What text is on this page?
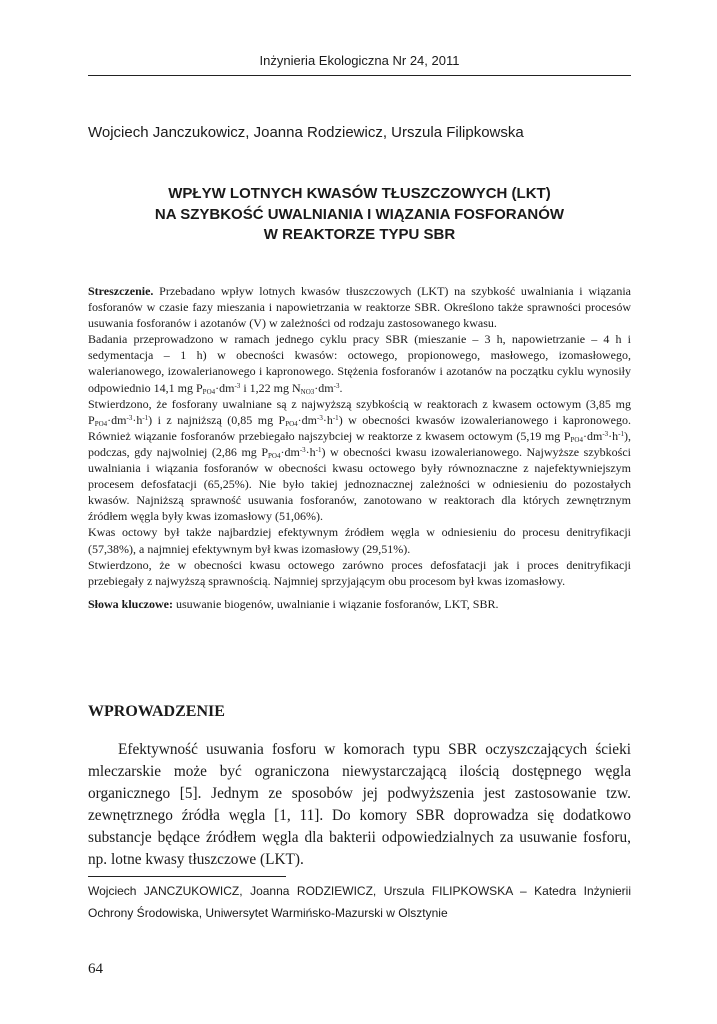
Inżynieria Ekologiczna Nr 24, 2011
Wojciech Janczukowicz, Joanna Rodziewicz, Urszula Filipkowska
WPŁYW LOTNYCH KWASÓW TŁUSZCZOWYCH (LKT)
NA SZYBKOŚĆ UWALNIANIA I WIĄZANIA FOSFORANÓW
W REAKTORZE TYPU SBR

Streszczenie. Przebadano wpływ lotnych kwasów tłuszczowych (LKT) na szybkość uwalniania i wiązania fosforanów w czasie fazy mieszania i napowietrzania w reaktorze SBR. Określono także sprawności procesów usuwania fosforanów i azotanów (V) w zależności od rodzaju zastosowanego kwasu.

Badania przeprowadzono w ramach jednego cyklu pracy SBR (mieszanie – 3 h, napowietrzanie – 4 h i sedymentacja – 1 h) w obecności kwasów: octowego, propionowego, masłowego, izomasłowego, walerianowego, izowalerianowego i kapronowego. Stężenia fosforanów i azotanów na początku cyklu wynosiły odpowiednio 14,1 mg $P_{PO4}\cdot dm^{-3}$ i 1,22 mg $N_{NO3}\cdot dm^{-3}$.

Stwierdzono, że fosforany uwalniane są z najwyższą szybkością w reaktorach z kwasem octowym (3,85 mg $P_{PO4}\cdot dm^{-3}\cdot h^{-1}$) i z najniższą (0,85 mg $P_{PO4}\cdot dm^{-3}\cdot h^{-1}$) w obecności kwasów izowalerianowego i kapronowego. Również wiązanie fosforanów przebiegało najszybciej w reaktorze z kwasem octowym (5,19 mg $P_{PO4}\cdot dm^{-3}\cdot h^{-1}$), podczas, gdy najwolniej (2,86 mg $P_{PO4}\cdot dm^{-3}\cdot h^{-1}$) w obecności kwasu izowalerianowego. Najwyższe szybkości uwalniania i wiązania fosforanów w obecności kwasu octowego były równoznaczne z najefektywniejszym procesem defosfatacji (65,25%). Nie było takiej jednoznacznej zależności w odniesieniu do pozostałych kwasów. Najniższą sprawność usuwania fosforanów, zanotowano w reaktorach dla których zewnętrznym źródłem węgla były kwas izomasłowy (51,06%).

Kwas octowy był także najbardziej efektywnym źródłem węgla w odniesieniu do procesu denitryfikacji (57,38%), a najmniej efektywnym był kwas izomasłowy (29,51%).

Stwierdzono, że w obecności kwasu octowego zarówno proces defosfatacji jak i proces denitryfikacji przebiegały z najwyższą sprawnością. Najmniej sprzyjającym obu procesom był kwas izomasłowy.

Słowa kluczowe: usuwanie biogenów, uwalnianie i wiązanie fosforanów, LKT, SBR.

WPROWADZENIE

Efektywność usuwania fosforu w komorach typu SBR oczyszczających ścieki mleczarskie może być ograniczona niewystarczającą ilością dostępnego węgla organicznego [5]. Jednym ze sposobów jej podwyższenia jest zastosowanie tzw. zewnętrznego źródła węgla [1, 11]. Do komory SBR doprowadza się dodatkowo substancje będące źródłem węgla dla bakterii odpowiedzialnych za usuwanie fosforu, np. lotne kwasy tłuszczowe (LKT).

Wojciech JANCZUKOWICZ, Joanna RODZIEWICZ, Urszula FILIPKOWSKA – Katedra Inżynierii Ochrony Środowiska, Uniwersytet Warmińsko-Mazurski w Olsztynie
64
